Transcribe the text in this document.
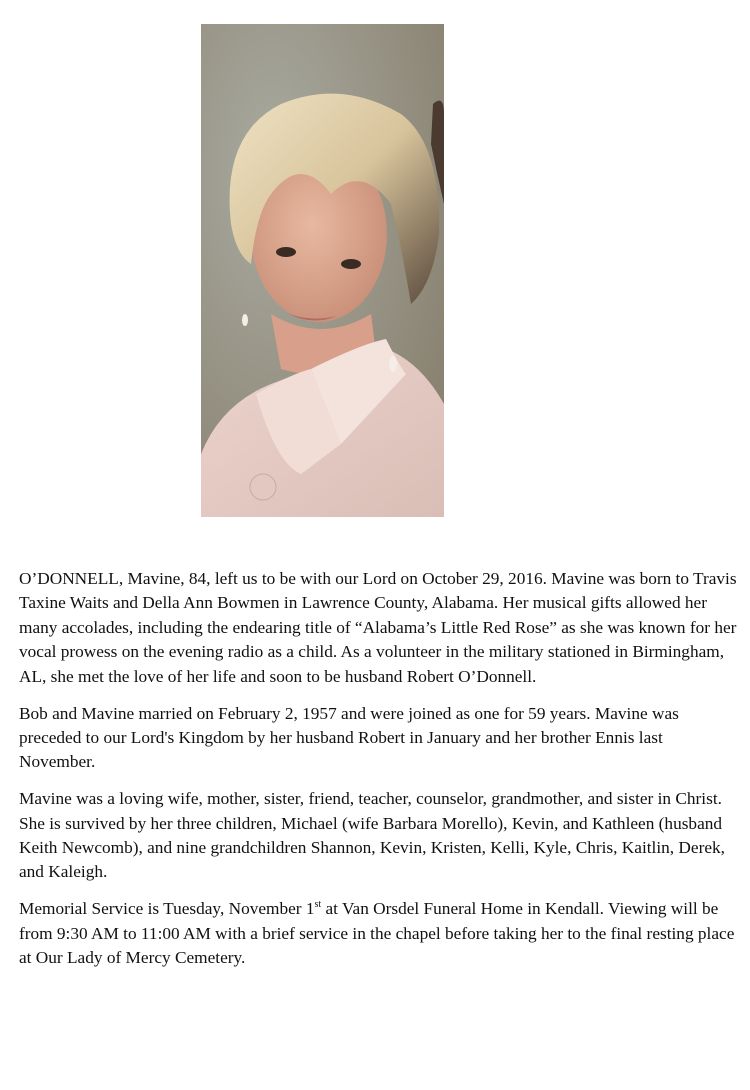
O’DONNELL, Mavine, 84, left us to be with our Lord on October 29, 2016. Mavine was born to Travis Taxine Waits and Della Ann Bowmen in Lawrence County, Alabama. Her musical gifts allowed her many accolades, including the endearing title of “Alabama’s Little Red Rose” as she was known for her vocal prowess on the evening radio as a child. As a volunteer in the military stationed in Birmingham, AL, she met the love of her life and soon to be husband Robert O’Donnell.

Bob and Mavine married on February 2, 1957 and were joined as one for 59 years. Mavine was preceded to our Lord's Kingdom by her husband Robert in January and her brother Ennis last November.

Mavine was a loving wife, mother, sister, friend, teacher, counselor, grandmother, and sister in Christ. She is survived by her three children, Michael (wife Barbara Morello), Kevin, and Kathleen (husband Keith Newcomb), and nine grandchildren Shannon, Kevin, Kristen, Kelli, Kyle, Chris, Kaitlin, Derek, and Kaleigh.

Memorial Service is Tuesday, November 1st at Van Orsdel Funeral Home in Kendall. Viewing will be from 9:30 AM to 11:00 AM with a brief service in the chapel before taking her to the final resting place at Our Lady of Mercy Cemetery.
